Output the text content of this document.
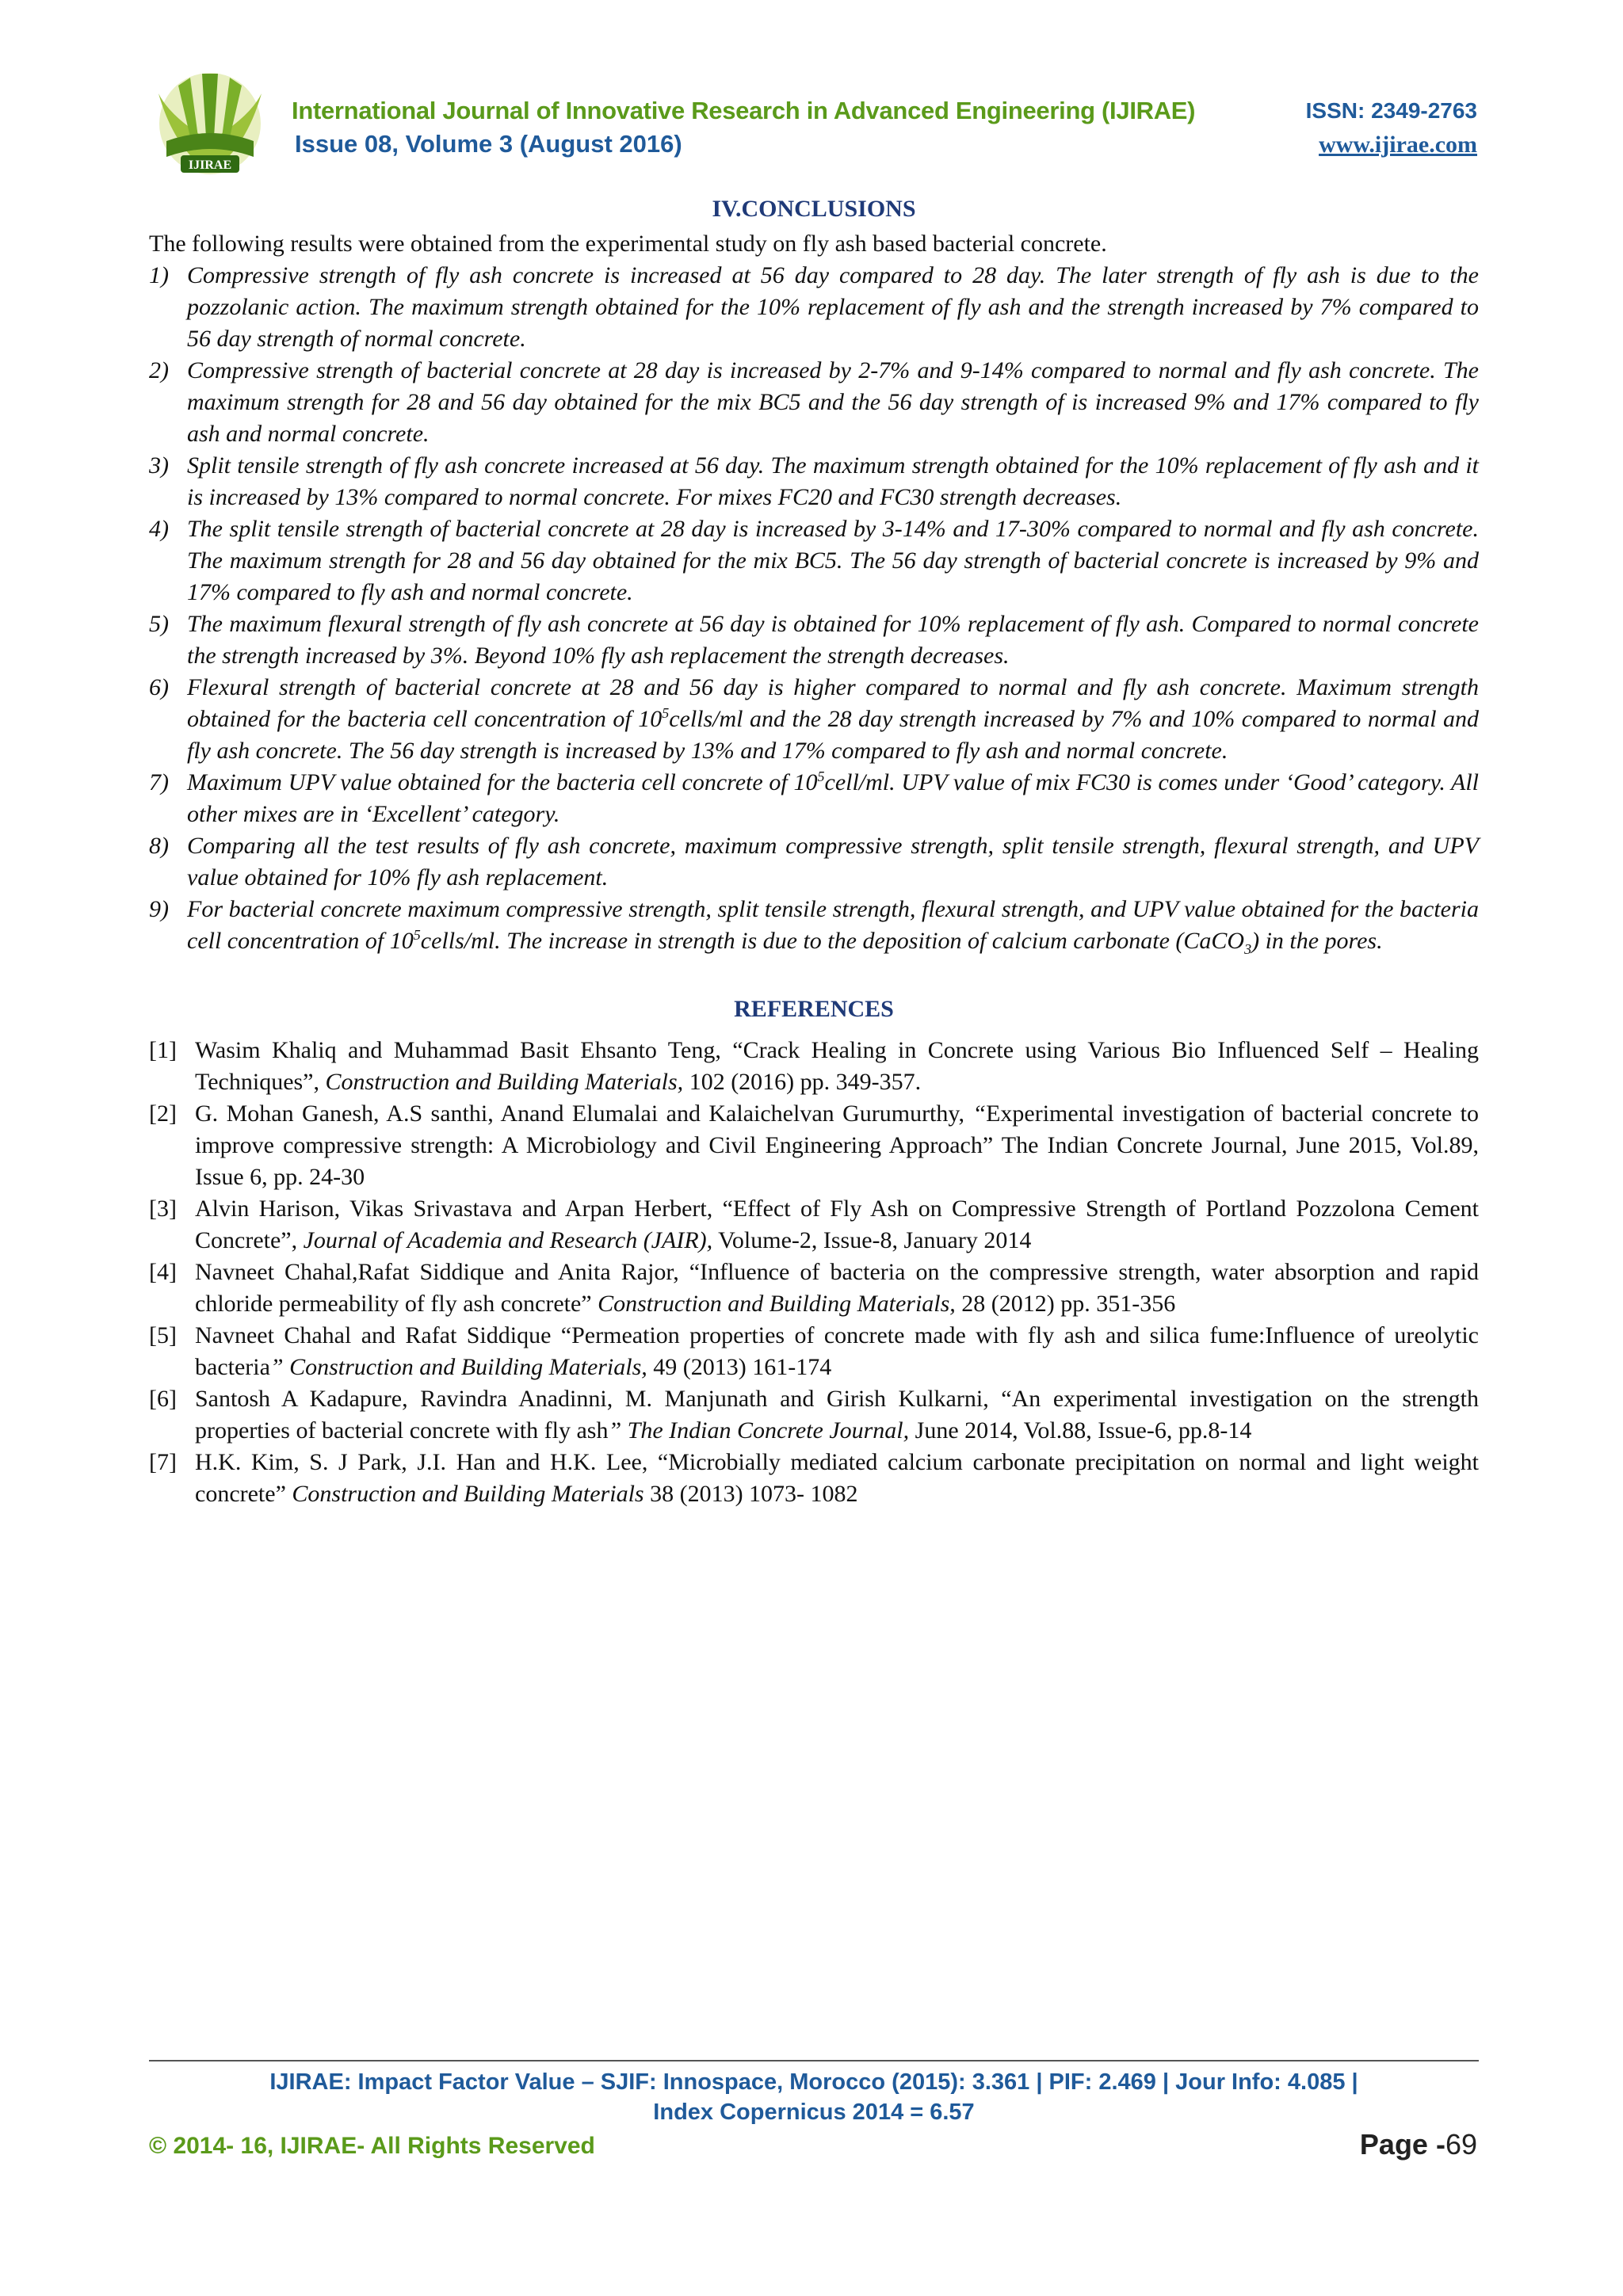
IJIRAE
International Journal of Innovative Research in Advanced Engineering (IJIRAE)
Issue 08, Volume 3 (August 2016)
ISSN: 2349-2763
www.ijirae.com
IV.CONCLUSIONS

The following results were obtained from the experimental study on fly ash based bacterial concrete.

1) Compressive strength of fly ash concrete is increased at 56 day compared to 28 day. The later strength of fly ash is due to the pozzolanic action. The maximum strength obtained for the 10% replacement of fly ash and the strength increased by 7% compared to 56 day strength of normal concrete.
2) Compressive strength of bacterial concrete at 28 day is increased by 2-7% and 9-14% compared to normal and fly ash concrete. The maximum strength for 28 and 56 day obtained for the mix BC5 and the 56 day strength of is increased 9% and 17% compared to fly ash and normal concrete.
3) Split tensile strength of fly ash concrete increased at 56 day. The maximum strength obtained for the 10% replacement of fly ash and it is increased by 13% compared to normal concrete. For mixes FC20 and FC30 strength decreases.
4) The split tensile strength of bacterial concrete at 28 day is increased by 3-14% and 17-30% compared to normal and fly ash concrete. The maximum strength for 28 and 56 day obtained for the mix BC5. The 56 day strength of bacterial concrete is increased by 9% and 17% compared to fly ash and normal concrete.
5) The maximum flexural strength of fly ash concrete at 56 day is obtained for 10% replacement of fly ash. Compared to normal concrete the strength increased by 3%. Beyond 10% fly ash replacement the strength decreases.
6) Flexural strength of bacterial concrete at 28 and 56 day is higher compared to normal and fly ash concrete. Maximum strength obtained for the bacteria cell concentration of $10^5cells/ml$ and the 28 day strength increased by 7% and 10% compared to normal and fly ash concrete. The 56 day strength is increased by 13% and 17% compared to fly ash and normal concrete.
7) Maximum UPV value obtained for the bacteria cell concrete of $10^5cell/ml$. UPV value of mix FC30 is comes under ‘Good’ category. All other mixes are in ‘Excellent’ category.
8) Comparing all the test results of fly ash concrete, maximum compressive strength, split tensile strength, flexural strength, and UPV value obtained for 10% fly ash replacement.
9) For bacterial concrete maximum compressive strength, split tensile strength, flexural strength, and UPV value obtained for the bacteria cell concentration of $10^5cells/ml$. The increase in strength is due to the deposition of calcium carbonate (CaCO$_3$) in the pores.
REFERENCES
[1] Wasim Khaliq and Muhammad Basit Ehsanto Teng, “Crack Healing in Concrete using Various Bio Influenced Self – Healing Techniques”, Construction and Building Materials, 102 (2016) pp. 349-357.
[2] G. Mohan Ganesh, A.S santhi, Anand Elumalai and Kalaichelvan Gurumurthy, “Experimental investigation of bacterial concrete to improve compressive strength: A Microbiology and Civil Engineering Approach” The Indian Concrete Journal, June 2015, Vol.89, Issue 6, pp. 24-30
[3] Alvin Harison, Vikas Srivastava and Arpan Herbert, “Effect of Fly Ash on Compressive Strength of Portland Pozzolona Cement Concrete”, Journal of Academia and Research (JAIR), Volume-2, Issue-8, January 2014
[4] Navneet Chahal,Rafat Siddique and Anita Rajor, “Influence of bacteria on the compressive strength, water absorption and rapid chloride permeability of fly ash concrete” Construction and Building Materials, 28 (2012) pp. 351-356
[5] Navneet Chahal and Rafat Siddique “Permeation properties of concrete made with fly ash and silica fume:Influence of ureolytic bacteria” Construction and Building Materials, 49 (2013) 161-174
[6] Santosh A Kadapure, Ravindra Anadinni, M. Manjunath and Girish Kulkarni, “An experimental investigation on the strength properties of bacterial concrete with fly ash” The Indian Concrete Journal, June 2014, Vol.88, Issue-6, pp.8-14
[7] H.K. Kim, S. J Park, J.I. Han and H.K. Lee, “Microbially mediated calcium carbonate precipitation on normal and light weight concrete” Construction and Building Materials 38 (2013) 1073- 1082
IJIRAE: Impact Factor Value – SJIF: Innospace, Morocco (2015): 3.361 | PIF: 2.469 | Jour Info: 4.085 |
Index Copernicus 2014 = 6.57
© 2014- 16, IJIRAE- All Rights Reserved	Page -69
